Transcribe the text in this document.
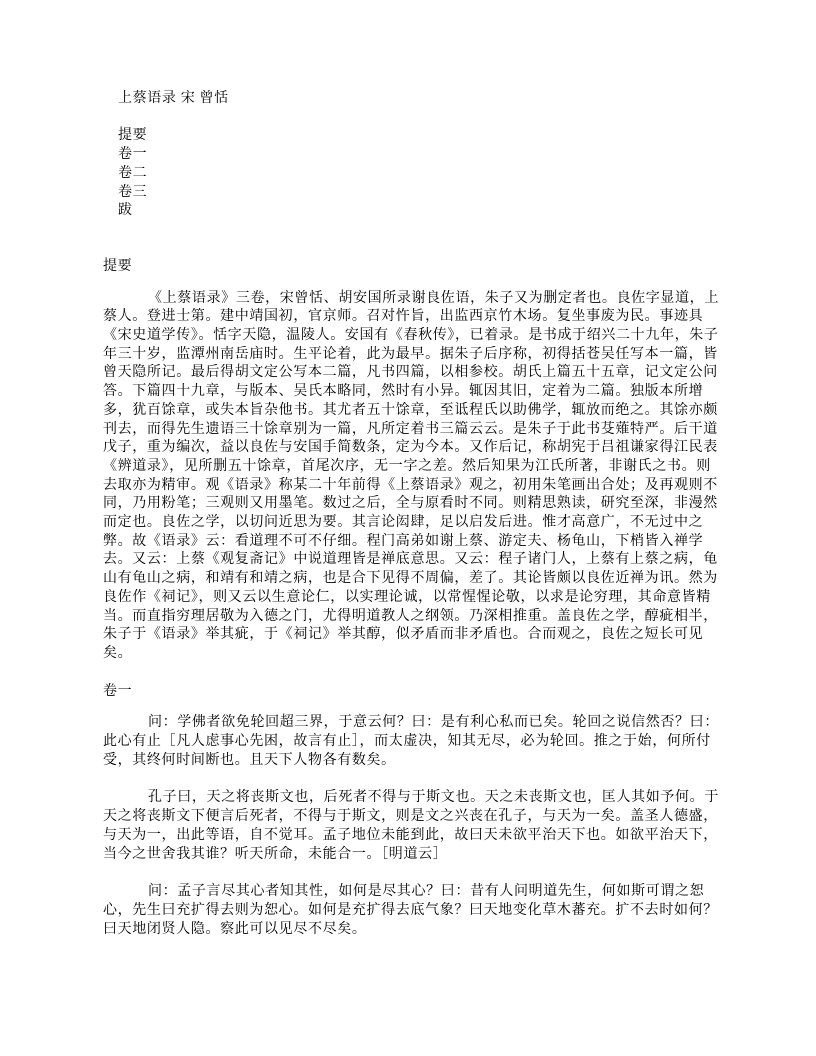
上蔡语录 宋 曾恬
提要
卷一
卷二
卷三
跋
提要

《上蔡语录》三卷，宋曾恬、胡安国所录谢良佐语，朱子又为删定者也。良佐字显道，上蔡人。登进士第。建中靖国初，官京师。召对忤旨，出监西京竹木场。复坐事废为民。事迹具《宋史道学传》。恬字天隐，温陵人。安国有《春秋传》，已着录。是书成于绍兴二十九年，朱子年三十岁，监潭州南岳庙时。生平论着，此为最早。据朱子后序称，初得括苍吴任写本一篇，皆曾天隐所记。最后得胡文定公写本二篇，凡书四篇，以相参校。胡氏上篇五十五章，记文定公问答。下篇四十九章，与版本、吴氏本略同，然时有小异。辄因其旧，定着为二篇。独版本所增多，犹百馀章，或失本旨杂他书。其尤者五十馀章，至诋程氏以助佛学，辄放而绝之。其馀亦颇刊去，而得先生遗语三十馀章别为一篇，凡所定着书三篇云云。是朱子于此书芟薙特严。后干道戊子，重为编次，益以良佐与安国手简数条，定为今本。又作后记，称胡宪于吕祖谦家得江民表《辨道录》，见所删五十馀章，首尾次序，无一字之差。然后知果为江氏所著，非谢氏之书。则去取亦为精审。观《语录》称某二十年前得《上蔡语录》观之，初用朱笔画出合处；及再观则不同，乃用粉笔；三观则又用墨笔。数过之后，全与原看时不同。则精思熟读，研究至深，非漫然而定也。良佐之学，以切问近思为要。其言论闳肆，足以启发后进。惟才高意广，不无过中之弊。故《语录》云：看道理不可不仔细。程门高弟如谢上蔡、游定夫、杨龟山，下梢皆入禅学去。又云：上蔡《观复斋记》中说道理皆是禅底意思。又云：程子诸门人，上蔡有上蔡之病，龟山有龟山之病，和靖有和靖之病，也是合下见得不周偏，差了。其论皆颇以良佐近禅为讯。然为良佐作《祠记》，则又云以生意论仁，以实理论诚，以常惺惺论敬，以求是论穷理，其命意皆精当。而直指穷理居敬为入德之门，尤得明道教人之纲领。乃深相推重。盖良佐之学，醇疵相半，朱子于《语录》举其疵，于《祠记》举其醇，似矛盾而非矛盾也。合而观之，良佐之短长可见矣。

卷一

问：学佛者欲免轮回超三界，于意云何？曰：是有利心私而已矣。轮回之说信然否？曰：此心有止［凡人虑事心先困，故言有止］，而太虚决，知其无尽，必为轮回。推之于始，何所付受，其终何时间断也。且天下人物各有数矣。

孔子曰，天之将丧斯文也，后死者不得与于斯文也。天之未丧斯文也，匡人其如予何。于天之将丧斯文下便言后死者，不得与于斯文，则是文之兴丧在孔子，与天为一矣。盖圣人德盛，与天为一，出此等语，自不觉耳。孟子地位未能到此，故曰天未欲平治天下也。如欲平治天下，当今之世舍我其谁？听天所命，未能合一。［明道云］

问：孟子言尽其心者知其性，如何是尽其心？曰：昔有人问明道先生，何如斯可谓之恕心，先生曰充扩得去则为恕心。如何是充扩得去底气象？曰天地变化草木蕃充。扩不去时如何？曰天地闭贤人隐。察此可以见尽不尽矣。
